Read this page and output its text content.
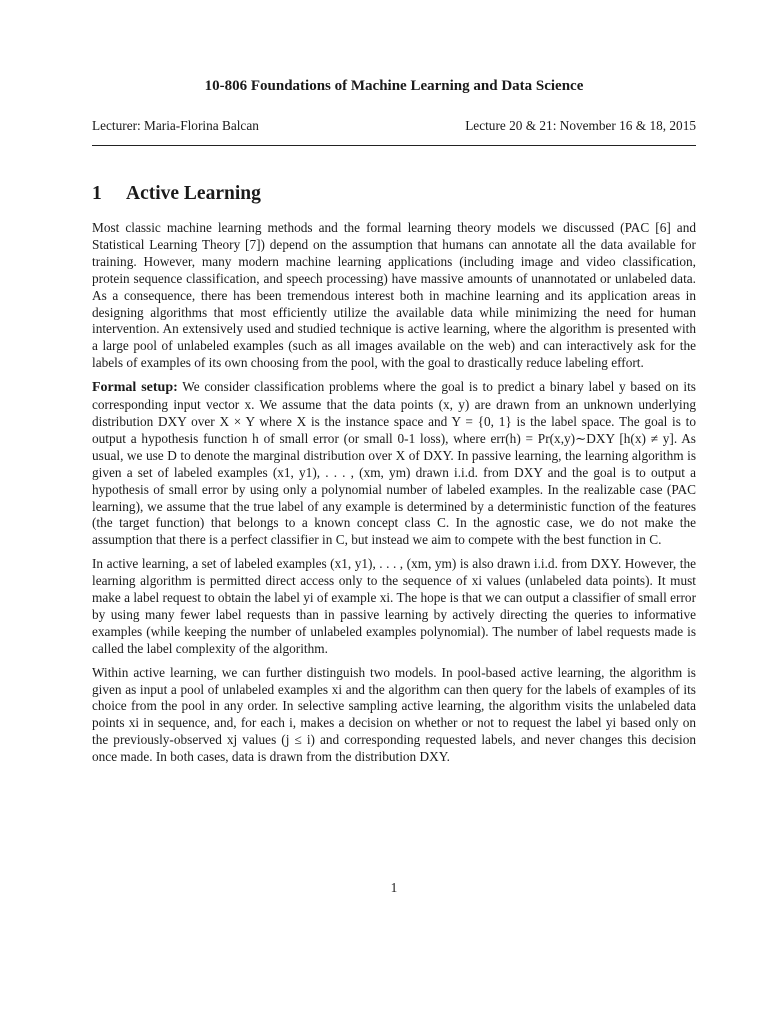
10-806 Foundations of Machine Learning and Data Science
Lecturer: Maria-Florina Balcan	Lecture 20 & 21: November 16 & 18, 2015
1 Active Learning

Most classic machine learning methods and the formal learning theory models we discussed (PAC [6] and Statistical Learning Theory [7]) depend on the assumption that humans can annotate all the data available for training. However, many modern machine learning applications (including image and video classification, protein sequence classification, and speech processing) have massive amounts of unannotated or unlabeled data. As a consequence, there has been tremendous interest both in machine learning and its application areas in designing algorithms that most efficiently utilize the available data while minimizing the need for human intervention. An extensively used and studied technique is active learning, where the algorithm is presented with a large pool of unlabeled examples (such as all images available on the web) and can interactively ask for the labels of examples of its own choosing from the pool, with the goal to drastically reduce labeling effort.

Formal setup: We consider classification problems where the goal is to predict a binary label y based on its corresponding input vector x. We assume that the data points (x, y) are drawn from an unknown underlying distribution DXY over X × Y where X is the instance space and Y = {0, 1} is the label space. The goal is to output a hypothesis function h of small error (or small 0-1 loss), where err(h) = Pr(x,y)∼DXY [h(x) ≠ y]. As usual, we use D to denote the marginal distribution over X of DXY. In passive learning, the learning algorithm is given a set of labeled examples (x1, y1), . . . , (xm, ym) drawn i.i.d. from DXY and the goal is to output a hypothesis of small error by using only a polynomial number of labeled examples. In the realizable case (PAC learning), we assume that the true label of any example is determined by a deterministic function of the features (the target function) that belongs to a known concept class C. In the agnostic case, we do not make the assumption that there is a perfect classifier in C, but instead we aim to compete with the best function in C.

In active learning, a set of labeled examples (x1, y1), . . . , (xm, ym) is also drawn i.i.d. from DXY. However, the learning algorithm is permitted direct access only to the sequence of xi values (unlabeled data points). It must make a label request to obtain the label yi of example xi. The hope is that we can output a classifier of small error by using many fewer label requests than in passive learning by actively directing the queries to informative examples (while keeping the number of unlabeled examples polynomial). The number of label requests made is called the label complexity of the algorithm.

Within active learning, we can further distinguish two models. In pool-based active learning, the algorithm is given as input a pool of unlabeled examples xi and the algorithm can then query for the labels of examples of its choice from the pool in any order. In selective sampling active learning, the algorithm visits the unlabeled data points xi in sequence, and, for each i, makes a decision on whether or not to request the label yi based only on the previously-observed xj values (j ≤ i) and corresponding requested labels, and never changes this decision once made. In both cases, data is drawn from the distribution DXY.

1
